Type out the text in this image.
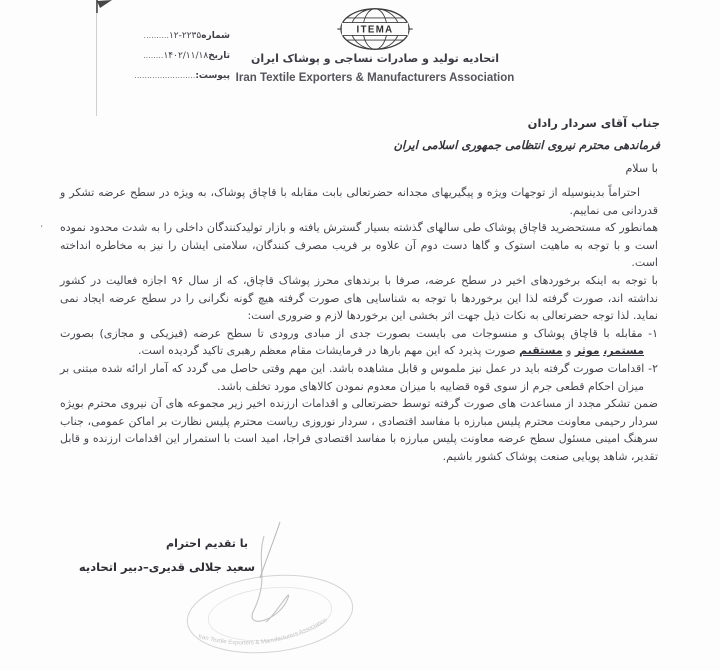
’
شماره۱۲-۲۲۳۵..........
تاریخ۱۴۰۲/۱۱/۱۸........
پیوست:........................
ITEMA
اتحادیه تولید و صادرات نساجی و پوشاک ایران
Iran Textile Exporters & Manufacturers Association
جناب آقای سردار رادان
فرماندهی محترم نیروی انتظامی جمهوری اسلامی ایران
با سلام

احتراماً بدینوسیله از توجهات ویژه و پیگیریهای مجدانه حضرتعالی بابت مقابله با قاچاق پوشاک، به ویژه در سطح عرضه تشکر و قدردانی می نماییم.

همانطور که مستحضرید قاچاق پوشاک طی سالهای گذشته بسیار گسترش یافته و بازار تولیدکنندگان داخلی را به شدت محدود نموده است و با توجه به ماهیت استوک و گاها دست دوم آن علاوه بر فریب مصرف کنندگان، سلامتی ایشان را نیز به مخاطره انداخته است.

با توجه به اینکه برخوردهای اخیر در سطح عرضه، صرفا با برندهای محرز پوشاک قاچاق، که از سال ۹۶ اجازه فعالیت در کشور نداشته اند، صورت گرفته لذا این برخوردها با توجه به شناسایی های صورت گرفته هیچ گونه نگرانی را در سطح عرضه ایجاد نمی نماید. لذا توجه حضرتعالی به نکات ذیل جهت اثر بخشی این برخوردها لازم و ضروری است:

۱- مقابله با قاچاق پوشاک و منسوجات می بایست بصورت جدی از مبادی ورودی تا سطح عرضه (فیزیکی و مجازی) بصورت مستمر، موثر و مستقیم صورت پذیرد که این مهم بارها در فرمایشات مقام معظم رهبری تاکید گردیده است.

۲- اقدامات صورت گرفته باید در عمل نیز ملموس و قابل مشاهده باشد. این مهم وقتی حاصل می گردد که آمار ارائه شده مبتنی بر میزان احکام قطعی جرم از سوی قوه قضاییه با میزان معدوم نمودن کالاهای مورد تخلف باشد.

ضمن تشکر مجدد از مساعدت های صورت گرفته توسط حضرتعالی و اقدامات ارزنده اخیر زیر مجموعه های آن نیروی محترم بویژه سردار رحیمی معاونت محترم پلیس مبارزه با مفاسد اقتصادی ، سردار نوروزی ریاست محترم پلیس نظارت بر اماکن عمومی، جناب سرهنگ امینی مسئول سطح عرضه معاونت پلیس مبارزه با مفاسد اقتصادی فراجا، امید است با استمرار این اقدامات ارزنده و قابل تقدیر، شاهد پویایی صنعت پوشاک کشور باشیم.

با تقدیم احترام
سعید جلالی قدیری–دبیر اتحادیه
Iran Textile Exporters & Manufacturers Association
